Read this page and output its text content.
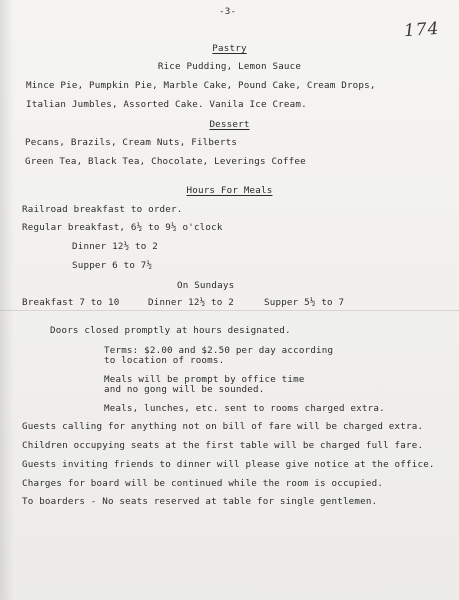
-3-
174
Pastry
Rice Pudding, Lemon Sauce
Mince Pie, Pumpkin Pie, Marble Cake, Pound Cake, Cream Drops,
Italian Jumbles, Assorted Cake. Vanila Ice Cream.
Dessert
Pecans, Brazils, Cream Nuts, Filberts
Green Tea, Black Tea, Chocolate, Leverings Coffee
Hours For Meals
Railroad breakfast to order.
Regular breakfast, 6½ to 9½ o'clock
Dinner 12½ to 2
Supper 6 to 7½
On Sundays
Breakfast 7 to 10	Dinner 12½ to 2	Supper 5½ to 7
Doors closed promptly at hours designated.
Terms: $2.00 and $2.50 per day according
to location of rooms.
Meals will be prompt by office time
and no gong will be sounded.
Meals, lunches, etc. sent to rooms charged extra.
Guests calling for anything not on bill of fare will be charged extra.
Children occupying seats at the first table will be charged full fare.
Guests inviting friends to dinner will please give notice at the office.
Charges for board will be continued while the room is occupied.
To boarders - No seats reserved at table for single gentlemen.
